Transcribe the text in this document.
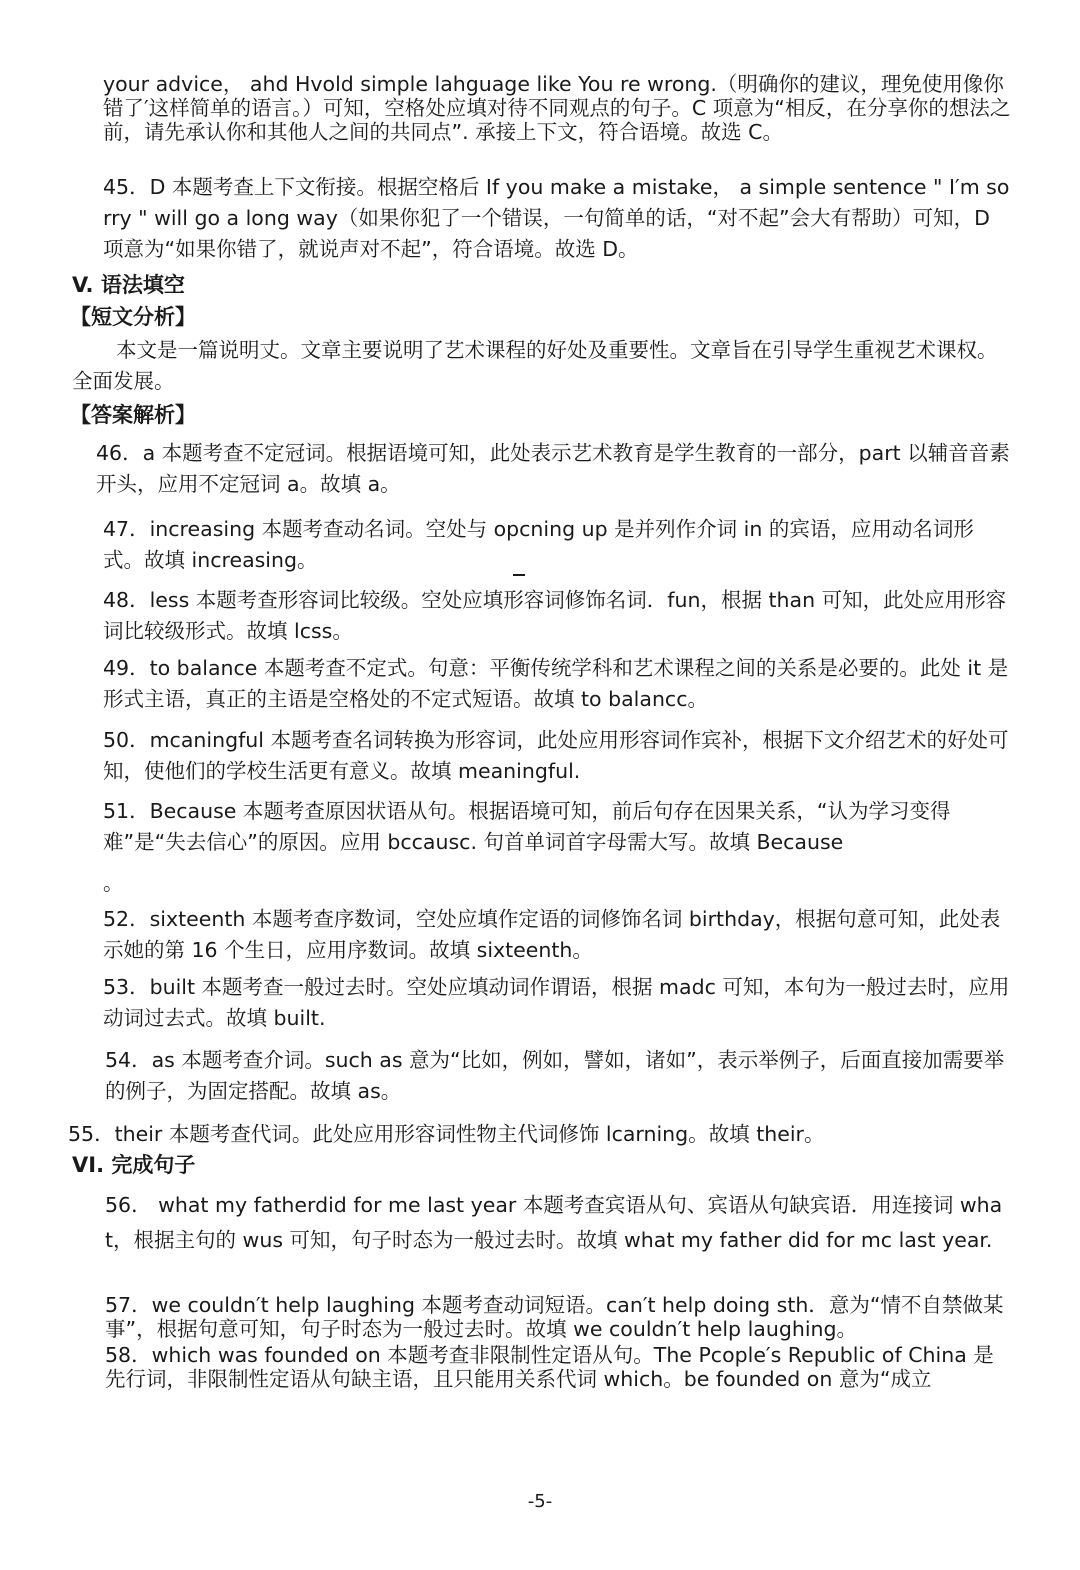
your advice， ahd Hvold simple lahguage like You re wrong.（明确你的建议，理免使用像你错了′这样简单的语言。）可知，空格处应填对待不同观点的句子。C 项意为“相反，在分享你的想法之前，请先承认你和其他人之间的共同点”. 承接上下文，符合语境。故选 C。
45．D 本题考查上下文衔接。根据空格后 If you make a mistake， a simple sentence " I′m sorry " will go a long way（如果你犯了一个错误，一句简单的话，“对不起”会大有帮助）可知，D 项意为“如果你错了，就说声对不起”，符合语境。故选 D。
V. 语法填空
【短文分析】
本文是一篇说明丈。文章主要说明了艺术课程的好处及重要性。文章旨在引导学生重视艺术课权。全面发展。
【答案解析】
46．a 本题考查不定冠词。根据语境可知，此处表示艺术教育是学生教育的一部分，part 以辅音音素开头，应用不定冠词 a。故填 a。
47．increasing 本题考查动名词。空处与 opcning up 是并列作介词 in 的宾语，应用动名词形式。故填 increasing。
48．less 本题考查形容词比较级。空处应填形容词修饰名词．fun，根据 than 可知，此处应用形容词比较级形式。故填 lcss。
49．to balance 本题考查不定式。句意：平衡传统学科和艺术课程之间的关系是必要的。此处 it 是形式主语，真正的主语是空格处的不定式短语。故填 to balancc。
50．mcaningful 本题考查名词转换为形容词，此处应用形容词作宾补，根据下文介绍艺术的好处可知，使他们的学校生活更有意义。故填 meaningful.
51．Because 本题考查原因状语从句。根据语境可知，前后句存在因果关系，“认为学习变得难”是“失去信心”的原因。应用 bccausc. 句首单词首字母需大写。故填 Because
。
52．sixteenth 本题考查序数词，空处应填作定语的词修饰名词 birthday，根据句意可知，此处表示她的第 16 个生日，应用序数词。故填 sixteenth。
53．built 本题考查一般过去时。空处应填动词作谓语，根据 madc 可知，本句为一般过去时，应用动词过去式。故填 built.
54．as 本题考查介词。such as 意为“比如，例如，譬如，诸如”，表示举例子，后面直接加需要举的例子，为固定搭配。故填 as。
55．their 本题考查代词。此处应用形容词性物主代词修饰 lcarning。故填 their。
VI. 完成句子
56． what my fatherdid for me last year 本题考查宾语从句、宾语从句缺宾语．用连接词 what，根据主句的 wus 可知，句子时态为一般过去时。故填 what my father did for mc last year.
57．we couldn′t help laughing 本题考查动词短语。can′t help doing sth．意为“情不自禁做某事”，根据句意可知，句子时态为一般过去时。故填 we couldn′t help laughing。
58．which was founded on 本题考查非限制性定语从句。The Pcople′s Republic of China 是先行词，非限制性定语从句缺主语，且只能用关系代词 which。be founded on 意为“成立
-5-
